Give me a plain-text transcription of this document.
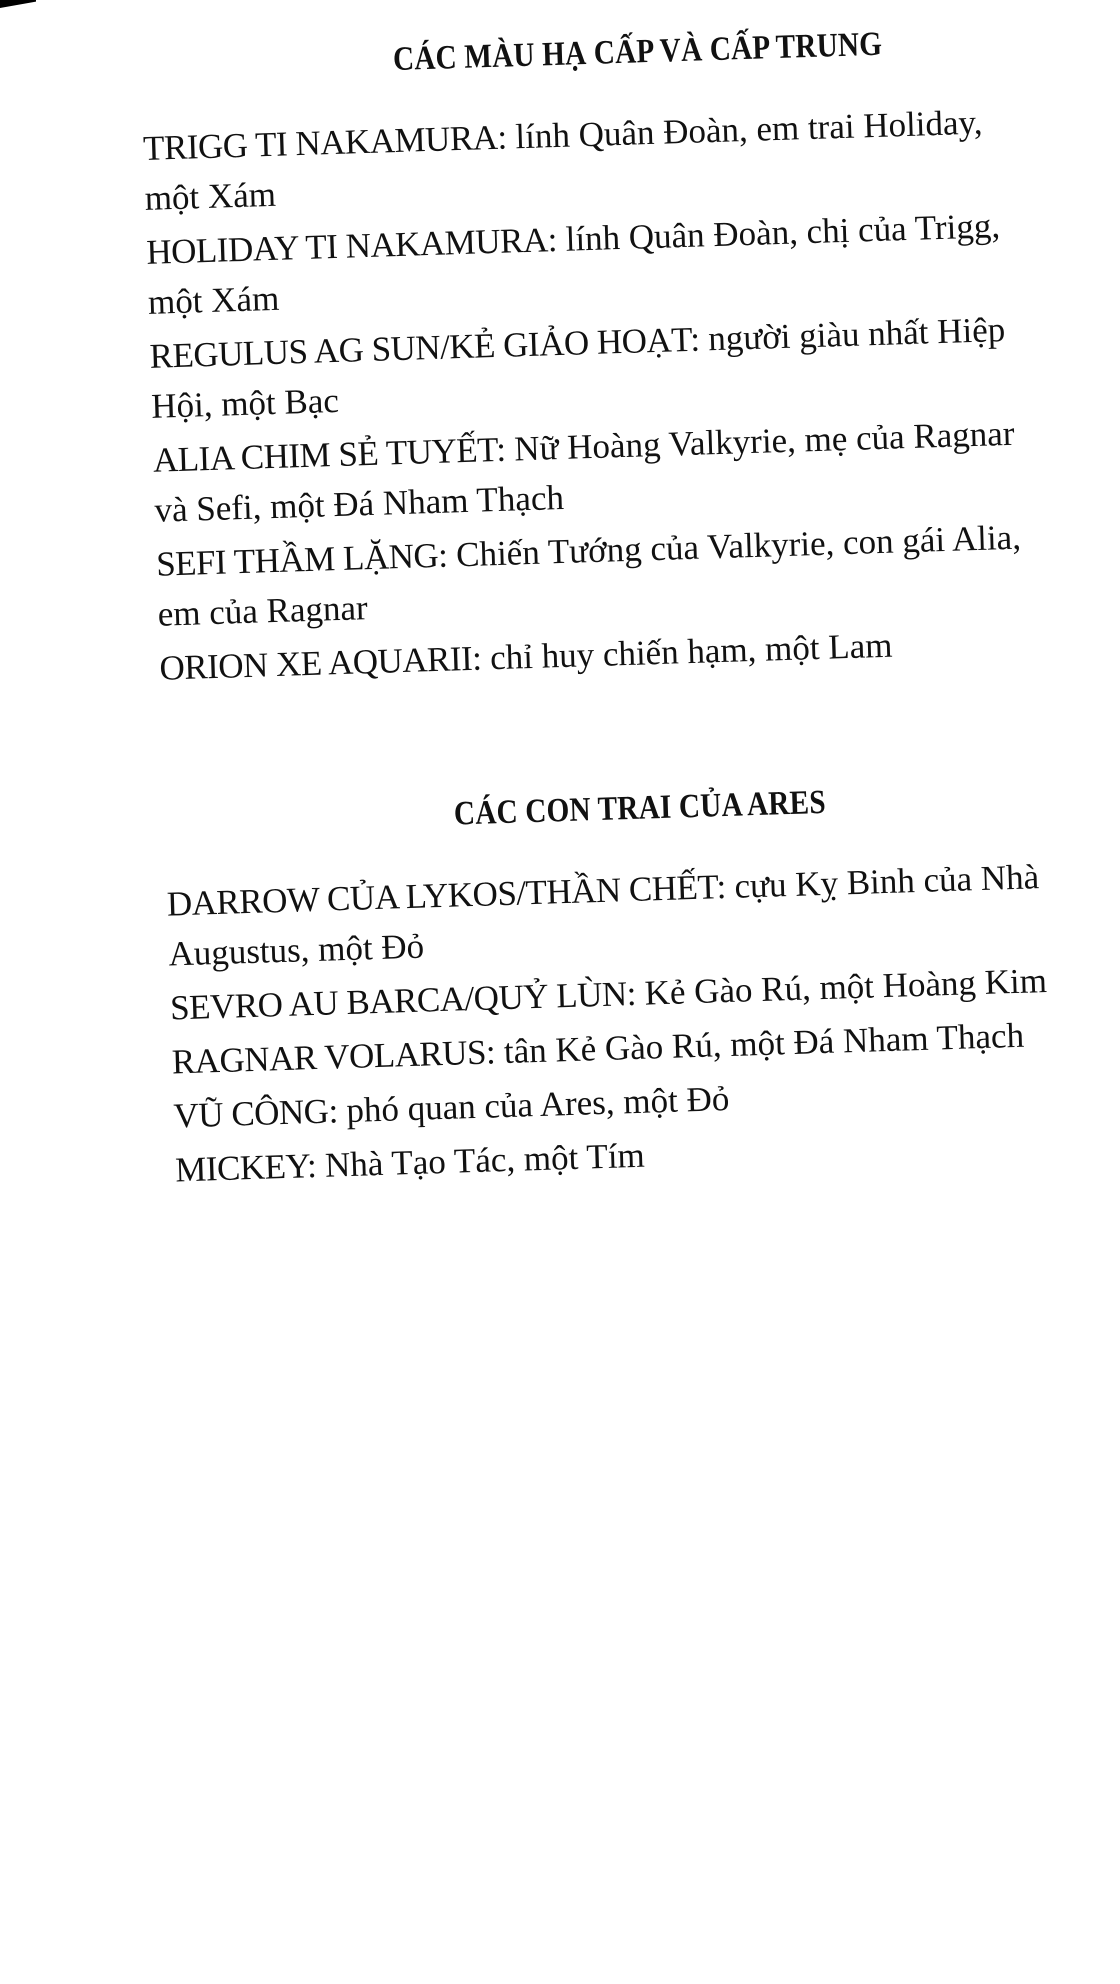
CÁC MÀU HẠ CẤP VÀ CẤP TRUNG
TRIGG TI NAKAMURA: lính Quân Đoàn, em trai Holiday,
một Xám
HOLIDAY TI NAKAMURA: lính Quân Đoàn, chị của Trigg,
một Xám
REGULUS AG SUN/KẺ GIẢO HOẠT: người giàu nhất Hiệp
Hội, một Bạc
ALIA CHIM SẺ TUYẾT: Nữ Hoàng Valkyrie, mẹ của Ragnar
và Sefi, một Đá Nham Thạch
SEFI THẦM LẶNG: Chiến Tướng của Valkyrie, con gái Alia,
em của Ragnar
ORION XE AQUARII: chỉ huy chiến hạm, một Lam
CÁC CON TRAI CỦA ARES
DARROW CỦA LYKOS/THẦN CHẾT: cựu Kỵ Binh của Nhà
Augustus, một Đỏ
SEVRO AU BARCA/QUỶ LÙN: Kẻ Gào Rú, một Hoàng Kim
RAGNAR VOLARUS: tân Kẻ Gào Rú, một Đá Nham Thạch
VŨ CÔNG: phó quan của Ares, một Đỏ
MICKEY: Nhà Tạo Tác, một Tím
